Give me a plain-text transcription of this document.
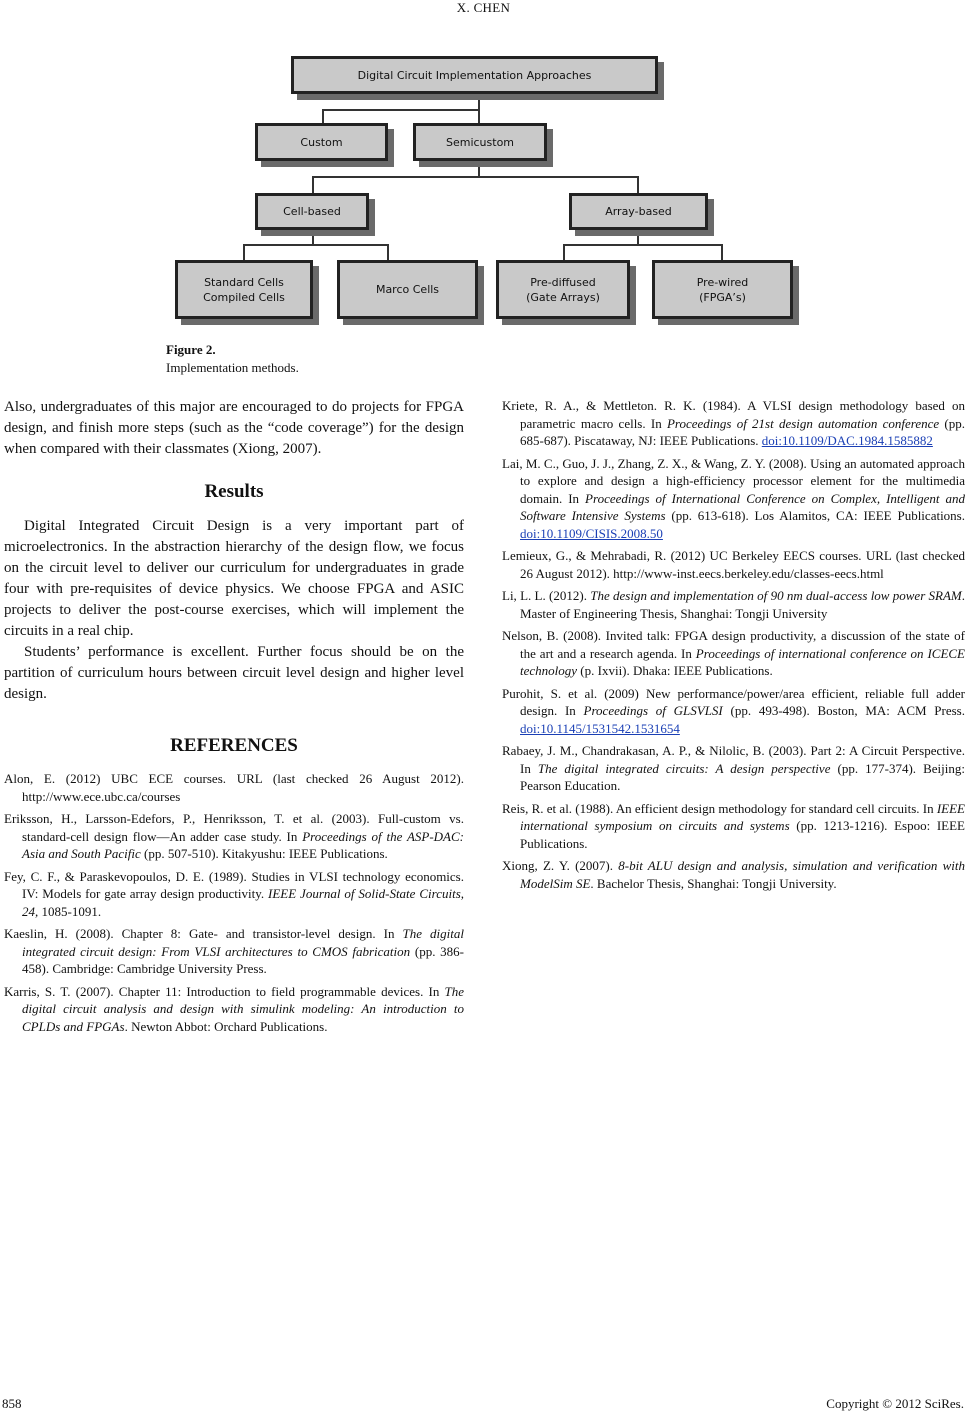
X. CHEN
Digital Circuit Implementation Approaches
Custom	Semicustom
Cell-based	Array-based
Standard Cells
Compiled Cells
Marco Cells
Pre-diffused
(Gate Arrays)
Pre-wired
(FPGA’s)
Figure 2.
Implementation methods.

Also, undergraduates of this major are encouraged to do projects for FPGA design, and finish more steps (such as the “code coverage”) for the design when compared with their classmates (Xiong, 2007).

Results

Digital Integrated Circuit Design is a very important part of microelectronics. In the abstraction hierarchy of the design flow, we focus on the circuit level to deliver our curriculum for undergraduates in grade four with pre-requisites of device physics. We choose FPGA and ASIC projects to deliver the post-course exercises, which will implement the circuits in a real chip.

Students’ performance is excellent. Further focus should be on the partition of curriculum hours between circuit level design and higher level design.

REFERENCES

Alon, E. (2012) UBC ECE courses. URL (last checked 26 August 2012). http://www.ece.ubc.ca/courses

Eriksson, H., Larsson-Edefors, P., Henriksson, T. et al. (2003). Full-custom vs. standard-cell design flow—An adder case study. In Proceedings of the ASP-DAC: Asia and South Pacific (pp. 507-510). Kitakyushu: IEEE Publications.

Fey, C. F., & Paraskevopoulos, D. E. (1989). Studies in VLSI technology economics. IV: Models for gate array design productivity. IEEE Journal of Solid-State Circuits, 24, 1085-1091.

Kaeslin, H. (2008). Chapter 8: Gate- and transistor-level design. In The digital integrated circuit design: From VLSI architectures to CMOS fabrication (pp. 386-458). Cambridge: Cambridge University Press.

Karris, S. T. (2007). Chapter 11: Introduction to field programmable devices. In The digital circuit analysis and design with simulink modeling: An introduction to CPLDs and FPGAs. Newton Abbot: Orchard Publications.

Kriete, R. A., & Mettleton. R. K. (1984). A VLSI design methodology based on parametric macro cells. In Proceedings of 21st design automation conference (pp. 685-687). Piscataway, NJ: IEEE Publications. doi:10.1109/DAC.1984.1585882

Lai, M. C., Guo, J. J., Zhang, Z. X., & Wang, Z. Y. (2008). Using an automated approach to explore and design a high-efficiency processor element for the multimedia domain. In Proceedings of International Conference on Complex, Intelligent and Software Intensive Systems (pp. 613-618). Los Alamitos, CA: IEEE Publications. doi:10.1109/CISIS.2008.50

Lemieux, G., & Mehrabadi, R. (2012) UC Berkeley EECS courses. URL (last checked 26 August 2012). http://www-inst.eecs.berkeley.edu/classes-eecs.html

Li, L. L. (2012). The design and implementation of 90 nm dual-access low power SRAM. Master of Engineering Thesis, Shanghai: Tongji University

Nelson, B. (2008). Invited talk: FPGA design productivity, a discussion of the state of the art and a research agenda. In Proceedings of international conference on ICECE technology (p. Ixvii). Dhaka: IEEE Publications.

Purohit, S. et al. (2009) New performance/power/area efficient, reliable full adder design. In Proceedings of GLSVLSI (pp. 493-498). Boston, MA: ACM Press. doi:10.1145/1531542.1531654

Rabaey, J. M., Chandrakasan, A. P., & Nilolic, B. (2003). Part 2: A Circuit Perspective. In The digital integrated circuits: A design perspective (pp. 177-374). Beijing: Pearson Education.

Reis, R. et al. (1988). An efficient design methodology for standard cell circuits. In IEEE international symposium on circuits and systems (pp. 1213-1216). Espoo: IEEE Publications.

Xiong, Z. Y. (2007). 8-bit ALU design and analysis, simulation and verification with ModelSim SE. Bachelor Thesis, Shanghai: Tongji University.

858	Copyright © 2012 SciRes.
